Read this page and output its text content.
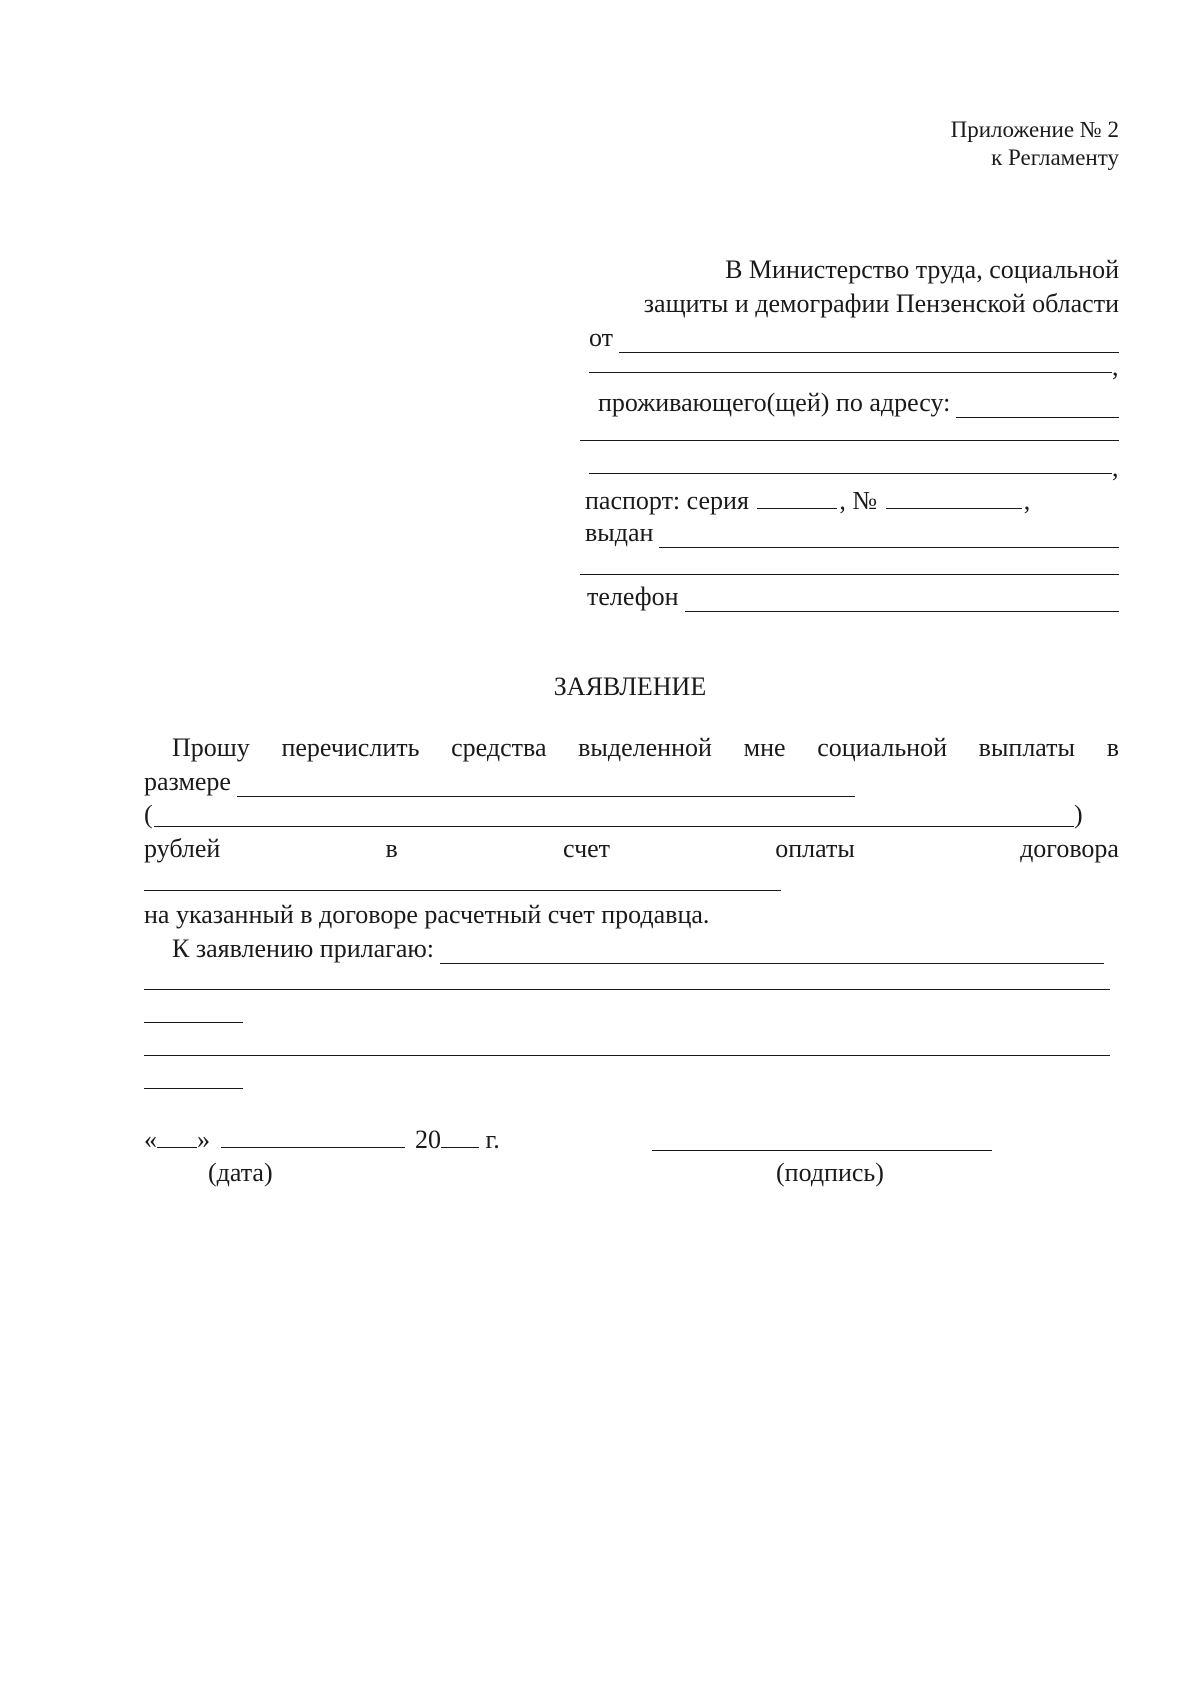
Приложение № 2
к Регламенту
В Министерство труда, социальной
защиты и демографии Пензенской области
от
,
проживающего(щей) по адресу:
,
паспорт: серия	, №	,
выдан
телефон
ЗАЯВЛЕНИЕ
Прошу перечислить средства выделенной мне социальной выплаты в
размере
(	)
рублей	в	счет	оплаты	договора
на указанный в договоре расчетный счет продавца.
К заявлению прилагаю:
« »	20 г.
(дата)	(подпись)
